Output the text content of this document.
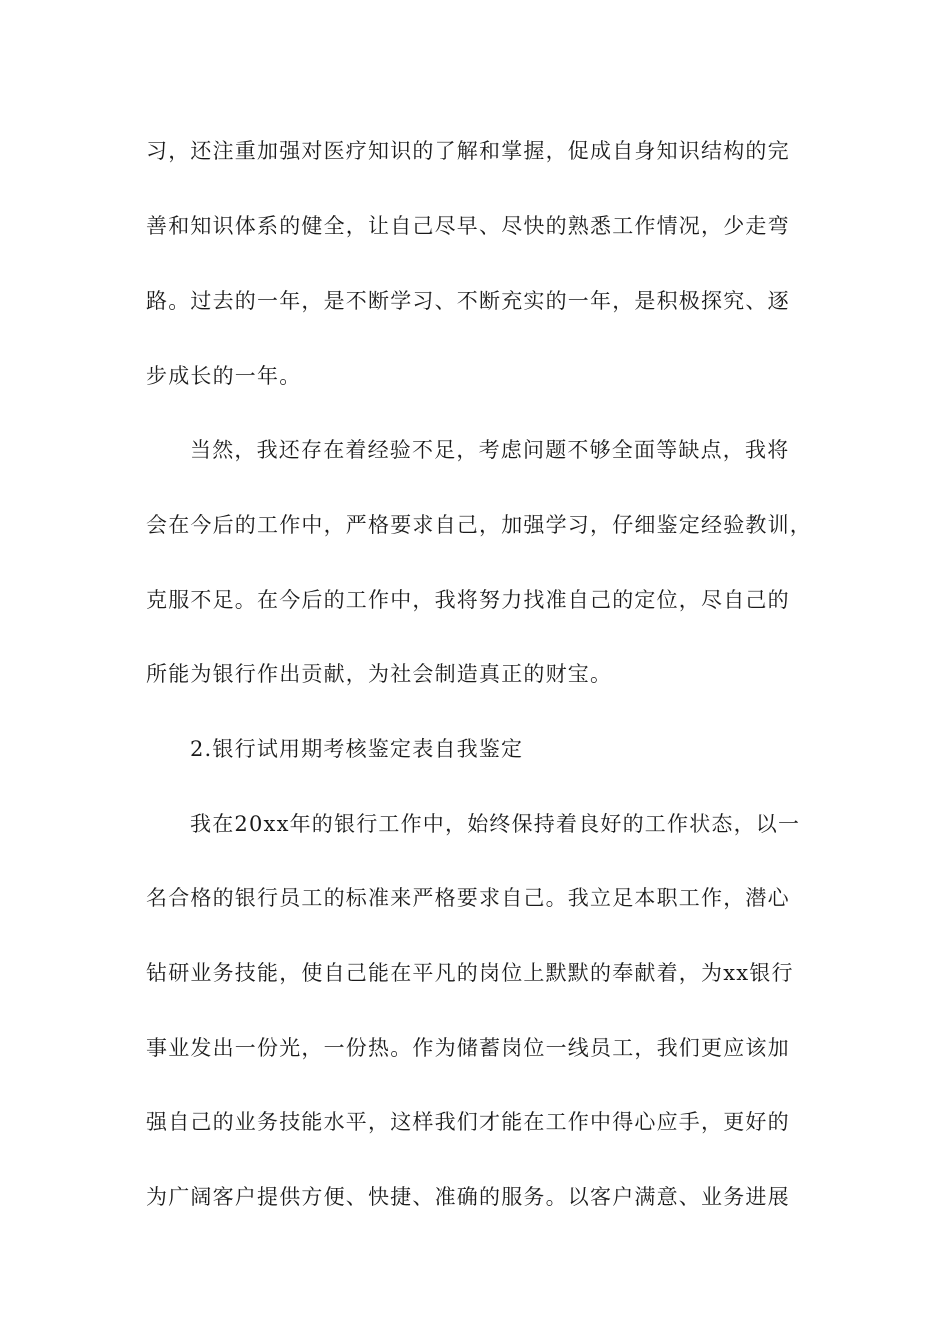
习，还注重加强对医疗知识的了解和掌握，促成自身知识结构的完
善和知识体系的健全，让自己尽早、尽快的熟悉工作情况，少走弯
路。过去的一年，是不断学习、不断充实的一年，是积极探究、逐
步成长的一年。
当然，我还存在着经验不足，考虑问题不够全面等缺点，我将
会在今后的工作中，严格要求自己，加强学习，仔细鉴定经验教训，
克服不足。在今后的工作中，我将努力找准自己的定位，尽自己的
所能为银行作出贡献，为社会制造真正的财宝。
2.银行试用期考核鉴定表自我鉴定
我在20xx年的银行工作中，始终保持着良好的工作状态，以一
名合格的银行员工的标准来严格要求自己。我立足本职工作，潜心
钻研业务技能，使自己能在平凡的岗位上默默的奉献着，为xx银行
事业发出一份光，一份热。作为储蓄岗位一线员工，我们更应该加
强自己的业务技能水平，这样我们才能在工作中得心应手，更好的
为广阔客户提供方便、快捷、准确的服务。以客户满意、业务进展
